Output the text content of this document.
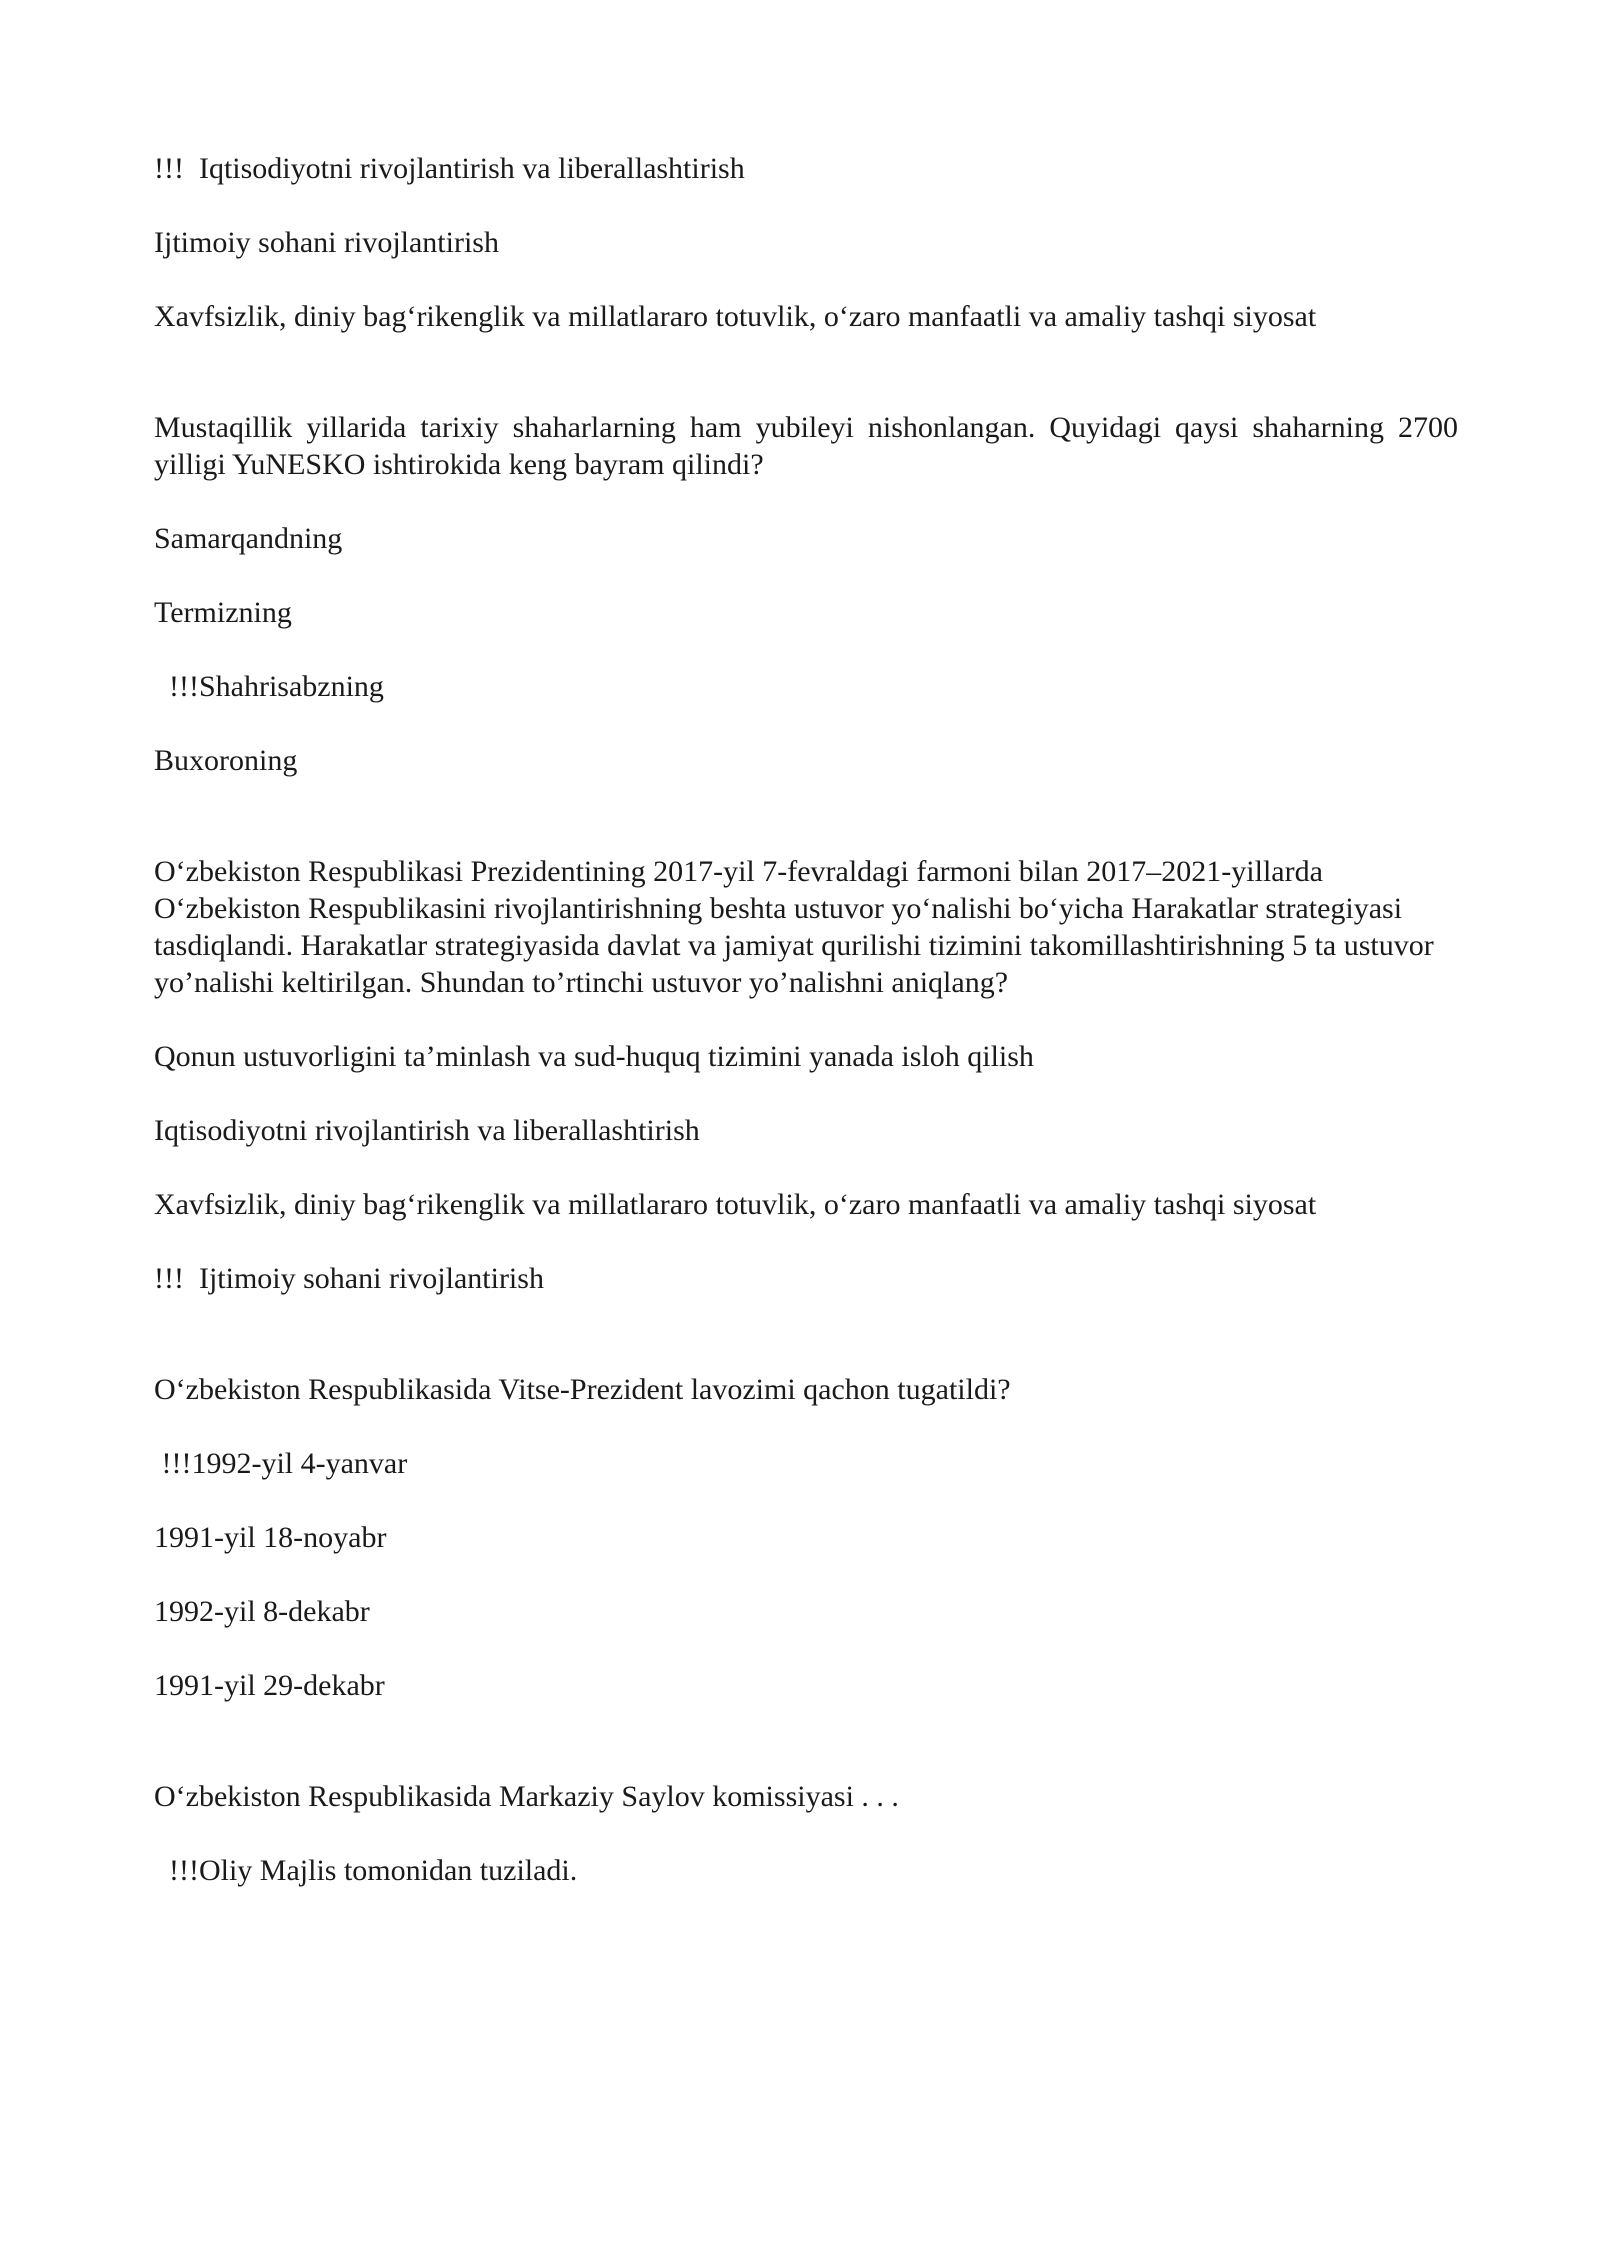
!!!  Iqtisodiyotni rivojlantirish va liberallashtirish

Ijtimoiy sohani rivojlantirish

Xavfsizlik, diniy bag‘rikenglik va millatlararo totuvlik, o‘zaro manfaatli va amaliy tashqi siyosat

Mustaqillik yillarida tarixiy shaharlarning ham yubileyi nishonlangan. Quyidagi qaysi shaharning 2700 yilligi YuNESKO ishtirokida keng bayram qilindi?

Samarqandning

Termizning

!!!Shahrisabzning

Buxoroning

O‘zbekiston Respublikasi Prezidentining 2017-yil 7-fevraldagi farmoni bilan 2017–2021-yillarda O‘zbekiston Respublikasini rivojlantirishning beshta ustuvor yo‘nalishi bo‘yicha Harakatlar strategiyasi tasdiqlandi. Harakatlar strategiyasida davlat va jamiyat qurilishi tizimini takomillashtirishning 5 ta ustuvor yo’nalishi keltirilgan. Shundan to’rtinchi ustuvor yo’nalishni aniqlang?

Qonun ustuvorligini ta’minlash va sud-huquq tizimini yanada isloh qilish

Iqtisodiyotni rivojlantirish va liberallashtirish

Xavfsizlik, diniy bag‘rikenglik va millatlararo totuvlik, o‘zaro manfaatli va amaliy tashqi siyosat

!!!  Ijtimoiy sohani rivojlantirish

O‘zbekiston Respublikasida Vitse-Prezident lavozimi qachon tugatildi?

!!!1992-yil 4-yanvar

1991-yil 18-noyabr

1992-yil 8-dekabr

1991-yil 29-dekabr

O‘zbekiston Respublikasida Markaziy Saylov komissiyasi . . .

!!!Oliy Majlis tomonidan tuziladi.
